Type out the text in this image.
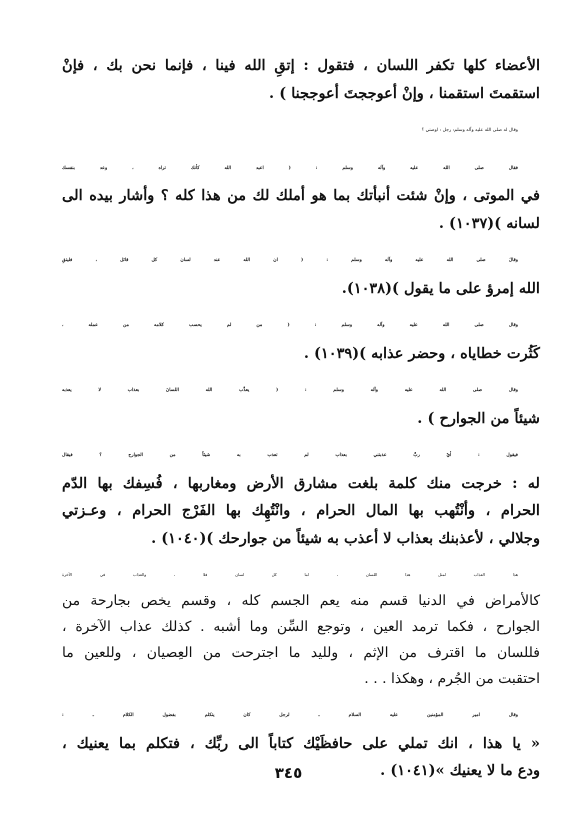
الأعضاء كلها تكفر اللسان ، فتقول : إتقِ الله فينا ، فإنما نحن بك ، فإنْ
استقمتَ استقمنا ، وإنْ أعوججتَ أعوججنا ) .
وقال له صلى الله عليه وآله وسلم: رجل : اوصني ؟
فقال صلى الله عليه وآله وسلم : ( اعبد الله كأنك تراه ، وعد بنفسك
في الموتى ، وإنْ شئت أنبأتك بما هو أملك لك من هذا كله ؟ وأشار بيده الى
لسانه )(١٠٣٧) .
وقالَ صلى الله عليه وآله وسلم : ( ان الله عند لسان كل قائل ، فليتقِ
الله إمرؤ على ما يقول )(١٠٣٨).
وقال صلى الله عليه وآله وسلم : ( من لم يحسب كلامه من عمله ،
كَثُرت خطاياه ، وحضر عذابه )(١٠٣٩) .
وقال صلى الله عليه وآله وسلم : ( يعذِّب الله اللسانَ بعذاب لا يعذبه
شيئاً من الجوارح ) .
فيقول : أيْ ربِّ عذبتني بعذاب لم تعذب به شيئاً من الجوارح ؟ فيقال
له : خرجت منك كلمة بلغت مشارق الأرض ومغاربها ، فُسِفك بها الدّم
الحرام ، وأنْتُهب بها المال الحرام ، وانْتُهِك بها الفَرْج الحرام ، وعـزتي
وجلالي ، لأعذبنك بعذاب لا أعذب به شيئاً من جوارحك )(١٠٤٠) .
هذا العذاب لمثل هذا اللسان ، اما كل لسان فلا ، والعذاب في الآخرة
كالأمراض في الدنيا قسم منه يعم الجسم كله ، وقسم يخص بجارحة من
الجوارح ، فكما ترمد العين ، وتوجع السِّن وما أشبه . كذلك عذاب الآخرة ،
فللسان ما اقترف من الإثم ، ولليد ما اجترحت من العِصيان ، وللعين ما
احتقبت من الجُرم ، وهكذا . . .
وقال امير المؤمنين عليه السلام ـ لرجل كان يتكلم بفضول الكلام ـ :
« يا هذا ، انك تملي على حافظَيْك كتاباً الى ربِّك ، فتكلم بما يعنيك ،
ودع ما لا يعنيك »(١٠٤١) .
٣٤٥
